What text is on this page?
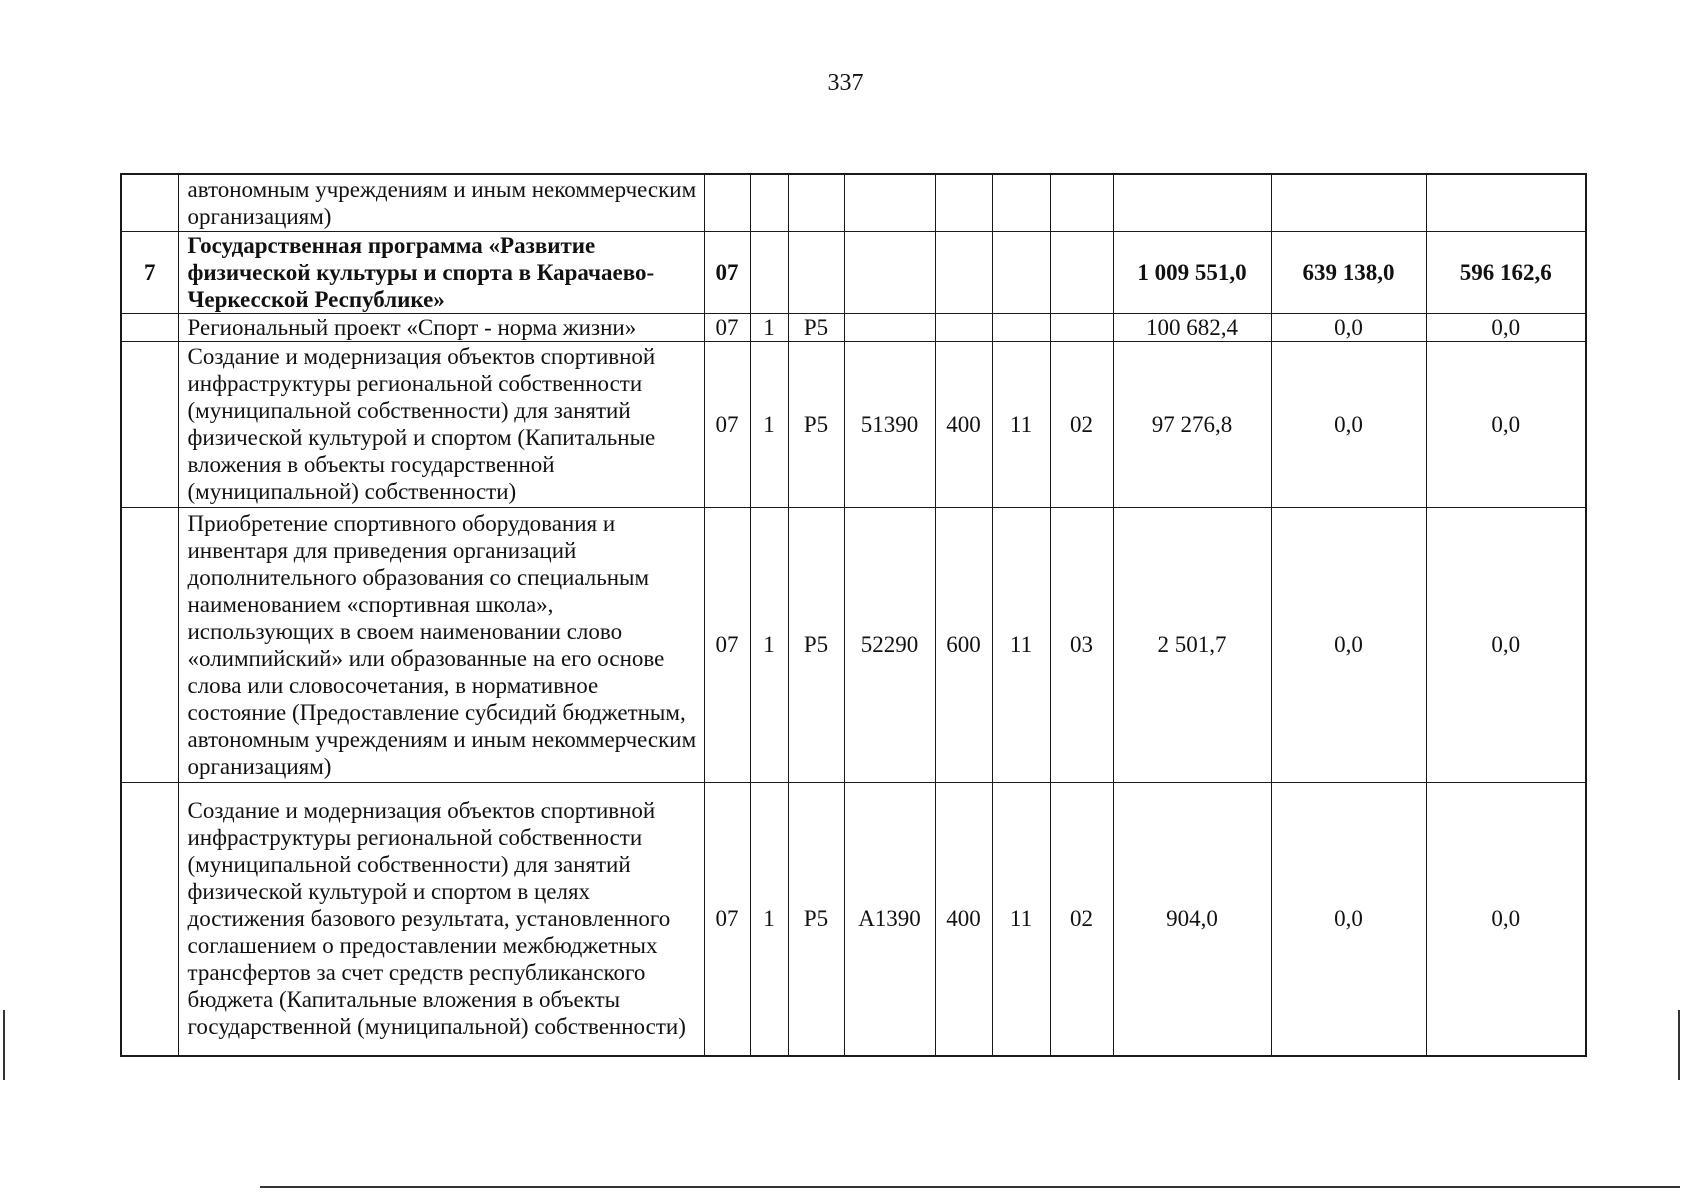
337
	автономным учреждениям и иным некоммерческим организациям)										
7	Государственная программа «Развитие физической культуры и спорта в Карачаево-Черкесской Республике»	07							1 009 551,0	639 138,0	596 162,6
	Региональный проект «Спорт - норма жизни»	07	1	Р5					100 682,4	0,0	0,0
	Создание и модернизация объектов спортивной инфраструктуры региональной собственности (муниципальной собственности) для занятий физической культурой и спортом (Капитальные вложения в объекты государственной (муниципальной) собственности)	07	1	Р5	51390	400	11	02	97 276,8	0,0	0,0
	Приобретение спортивного оборудования и инвентаря для приведения организаций дополнительного образования со специальным наименованием «спортивная школа», использующих в своем наименовании слово «олимпийский» или образованные на его основе слова или словосочетания, в нормативное состояние (Предоставление субсидий бюджетным, автономным учреждениям и иным некоммерческим организациям)	07	1	Р5	52290	600	11	03	2 501,7	0,0	0,0
	Создание и модернизация объектов спортивной инфраструктуры региональной собственности (муниципальной собственности) для занятий физической культурой и спортом в целях достижения базового результата, установленного соглашением о предоставлении межбюджетных трансфертов за счет средств республиканского бюджета (Капитальные вложения в объекты государственной (муниципальной) собственности)	07	1	Р5	А1390	400	11	02	904,0	0,0	0,0
